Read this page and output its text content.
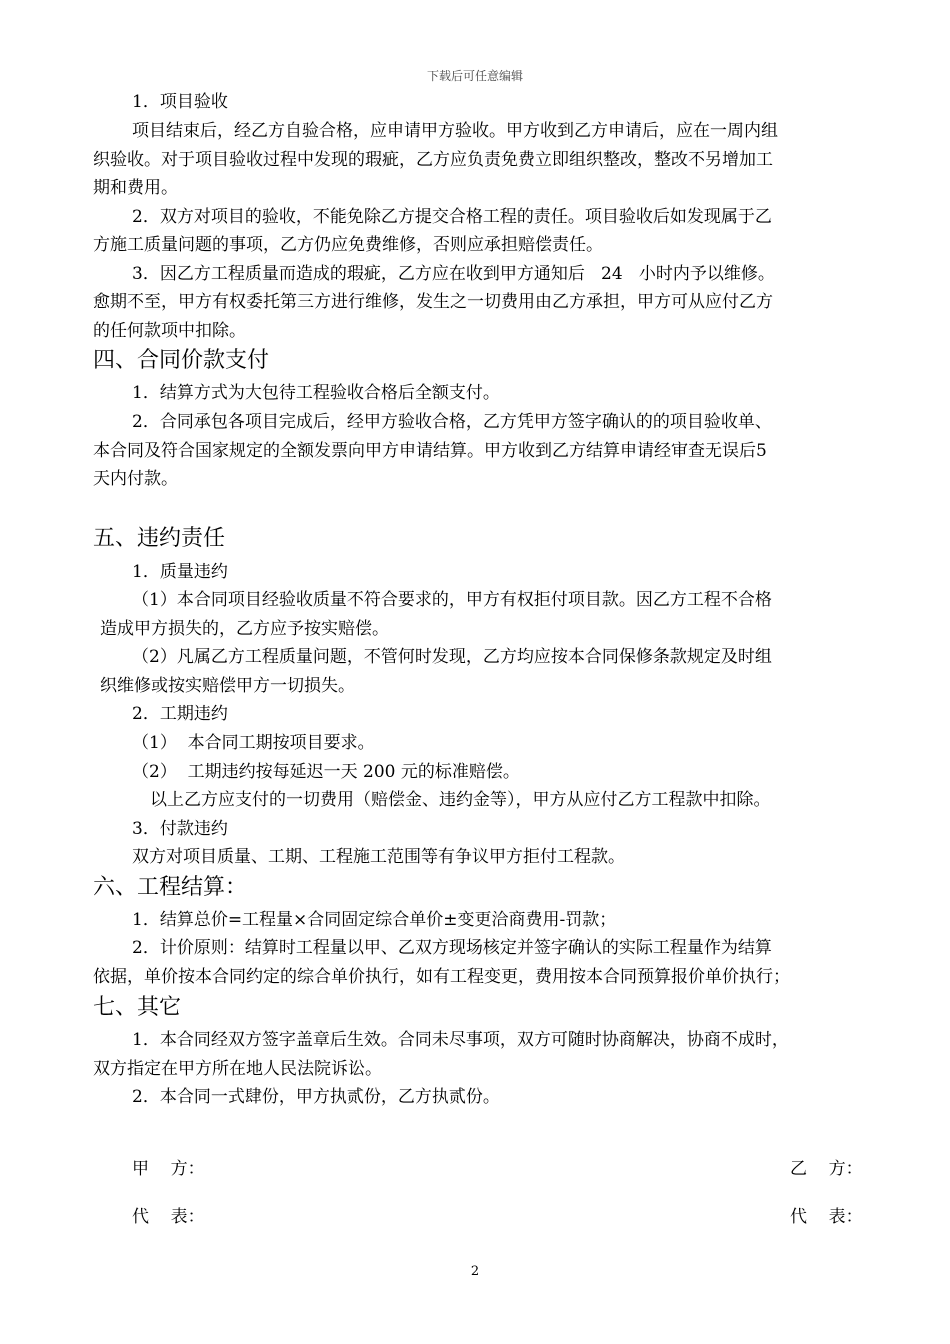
下载后可任意编辑
1．项目验收
项目结束后，经乙方自验合格，应申请甲方验收。甲方收到乙方申请后，应在一周内组
织验收。对于项目验收过程中发现的瑕疵，乙方应负责免费立即组织整改，整改不另增加工
期和费用。
2．双方对项目的验收，不能免除乙方提交合格工程的责任。项目验收后如发现属于乙
方施工质量问题的事项，乙方仍应免费维修，否则应承担赔偿责任。
3．因乙方工程质量而造成的瑕疵，乙方应在收到甲方通知后   24   小时内予以维修。
愈期不至，甲方有权委托第三方进行维修，发生之一切费用由乙方承担，甲方可从应付乙方
的任何款项中扣除。
四、合同价款支付
1．结算方式为大包待工程验收合格后全额支付。
2．合同承包各项目完成后，经甲方验收合格，乙方凭甲方签字确认的的项目验收单、
本合同及符合国家规定的全额发票向甲方申请结算。甲方收到乙方结算申请经审查无误后5
天内付款。
五、违约责任
1．质量违约
（1）本合同项目经验收质量不符合要求的，甲方有权拒付项目款。因乙方工程不合格
造成甲方损失的，乙方应予按实赔偿。
（2）凡属乙方工程质量问题，不管何时发现，乙方均应按本合同保修条款规定及时组
织维修或按实赔偿甲方一切损失。
2．工期违约
（1）  本合同工期按项目要求。
（2）  工期违约按每延迟一天 200 元的标准赔偿。
以上乙方应支付的一切费用（赔偿金、违约金等），甲方从应付乙方工程款中扣除。
3．付款违约
双方对项目质量、工期、工程施工范围等有争议甲方拒付工程款。
六、工程结算：
1．结算总价=工程量×合同固定综合单价±变更洽商费用-罚款；
2．计价原则：结算时工程量以甲、乙双方现场核定并签字确认的实际工程量作为结算
依据，单价按本合同约定的综合单价执行，如有工程变更，费用按本合同预算报价单价执行；
七、其它
1．本合同经双方签字盖章后生效。合同未尽事项，双方可随时协商解决，协商不成时，
双方指定在甲方所在地人民法院诉讼。
2．本合同一式肆份，甲方执贰份，乙方执贰份。
甲    方：	乙    方：
代    表：	代    表：
2
